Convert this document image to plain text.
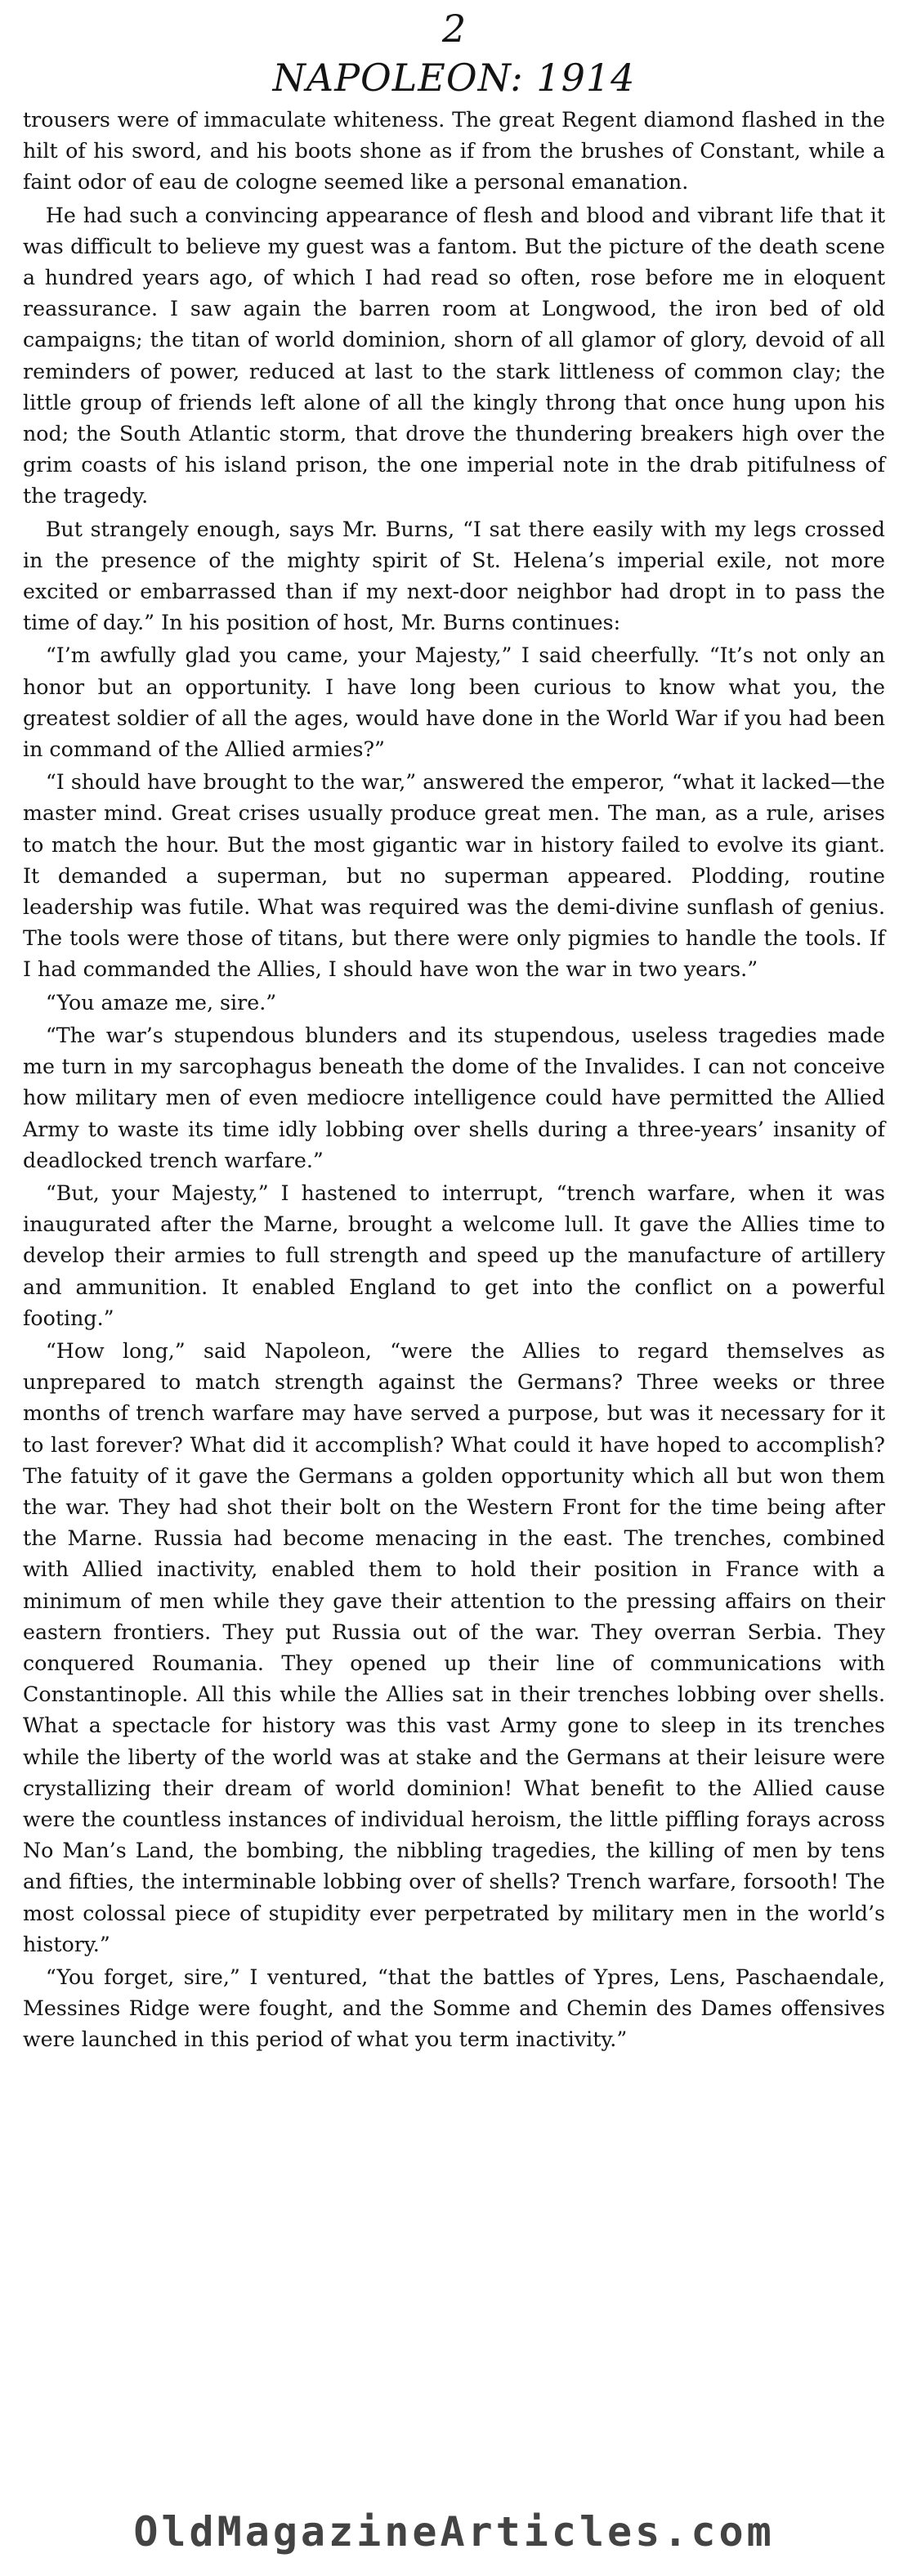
2
NAPOLEON: 1914

trousers were of immaculate whiteness. The great Regent diamond flashed in the hilt of his sword, and his boots shone as if from the brushes of Constant, while a faint odor of eau de cologne seemed like a personal emanation.

He had such a convincing appearance of flesh and blood and vibrant life that it was difficult to believe my guest was a fantom. But the picture of the death scene a hundred years ago, of which I had read so often, rose before me in eloquent reassurance. I saw again the barren room at Longwood, the iron bed of old campaigns; the titan of world dominion, shorn of all glamor of glory, devoid of all reminders of power, reduced at last to the stark littleness of common clay; the little group of friends left alone of all the kingly throng that once hung upon his nod; the South Atlantic storm, that drove the thundering breakers high over the grim coasts of his island prison, the one imperial note in the drab pitifulness of the tragedy.

But strangely enough, says Mr. Burns, “I sat there easily with my legs crossed in the presence of the mighty spirit of St. Helena’s imperial exile, not more excited or embarrassed than if my next-door neighbor had dropt in to pass the time of day.” In his position of host, Mr. Burns continues:

“I’m awfully glad you came, your Majesty,” I said cheerfully. “It’s not only an honor but an opportunity. I have long been curious to know what you, the greatest soldier of all the ages, would have done in the World War if you had been in command of the Allied armies?”

“I should have brought to the war,” answered the emperor, “what it lacked—the master mind. Great crises usually produce great men. The man, as a rule, arises to match the hour. But the most gigantic war in history failed to evolve its giant. It demanded a superman, but no superman appeared. Plodding, routine leadership was futile. What was required was the demi-divine sunflash of genius. The tools were those of titans, but there were only pigmies to handle the tools. If I had commanded the Allies, I should have won the war in two years.”

“You amaze me, sire.”

“The war’s stupendous blunders and its stupendous, useless tragedies made me turn in my sarcophagus beneath the dome of the Invalides. I can not conceive how military men of even mediocre intelligence could have permitted the Allied Army to waste its time idly lobbing over shells during a three-years’ insanity of deadlocked trench warfare.”

“But, your Majesty,” I hastened to interrupt, “trench warfare, when it was inaugurated after the Marne, brought a welcome lull. It gave the Allies time to develop their armies to full strength and speed up the manufacture of artillery and ammunition. It enabled England to get into the conflict on a powerful footing.”

“How long,” said Napoleon, “were the Allies to regard themselves as unprepared to match strength against the Germans? Three weeks or three months of trench warfare may have served a purpose, but was it necessary for it to last forever? What did it accomplish? What could it have hoped to accomplish? The fatuity of it gave the Germans a golden opportunity which all but won them the war. They had shot their bolt on the Western Front for the time being after the Marne. Russia had become menacing in the east. The trenches, combined with Allied inactivity, enabled them to hold their position in France with a minimum of men while they gave their attention to the pressing affairs on their eastern frontiers. They put Russia out of the war. They overran Serbia. They conquered Roumania. They opened up their line of communications with Constantinople. All this while the Allies sat in their trenches lobbing over shells. What a spectacle for history was this vast Army gone to sleep in its trenches while the liberty of the world was at stake and the Germans at their leisure were crystallizing their dream of world dominion! What benefit to the Allied cause were the countless instances of individual heroism, the little piffling forays across No Man’s Land, the bombing, the nibbling tragedies, the killing of men by tens and fifties, the interminable lobbing over of shells? Trench warfare, forsooth! The most colossal piece of stupidity ever perpetrated by military men in the world’s history.”

“You forget, sire,” I ventured, “that the battles of Ypres, Lens, Paschaendale, Messines Ridge were fought, and the Somme and Chemin des Dames offensives were launched in this period of what you term inactivity.”

OldMagazineArticles.com
